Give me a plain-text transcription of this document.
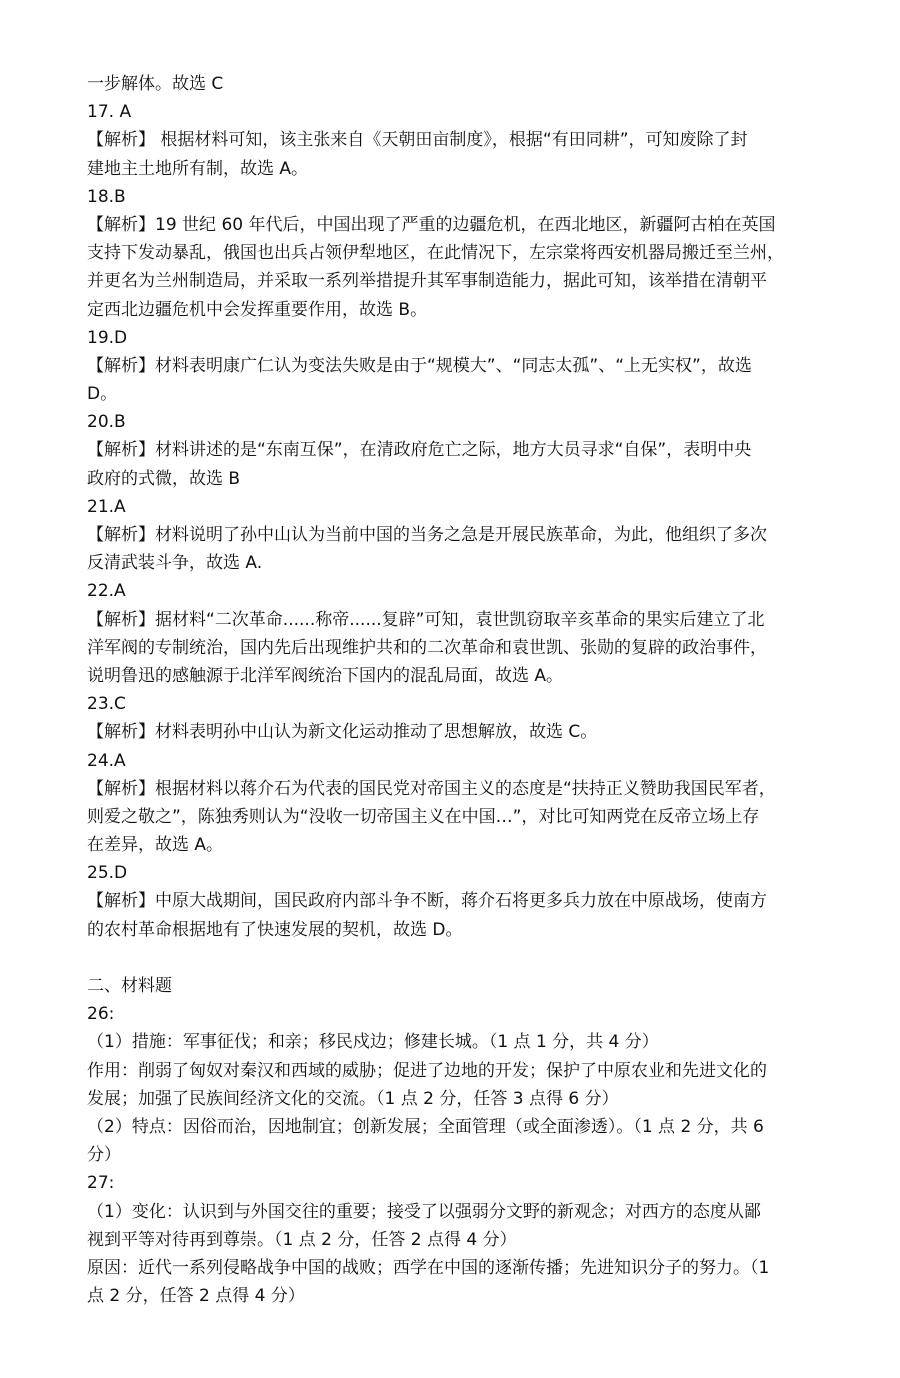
一步解体。故选 C
17. A
【解析】 根据材料可知，该主张来自《天朝田亩制度》，根据“有田同耕”，可知废除了封
建地主土地所有制，故选 A。
18.B
【解析】19 世纪 60 年代后，中国出现了严重的边疆危机，在西北地区，新疆阿古柏在英国
支持下发动暴乱，俄国也出兵占领伊犁地区，在此情况下，左宗棠将西安机器局搬迁至兰州，
并更名为兰州制造局，并采取一系列举措提升其军事制造能力，据此可知，该举措在清朝平
定西北边疆危机中会发挥重要作用，故选 B。
19.D
【解析】材料表明康广仁认为变法失败是由于“规模大”、“同志太孤”、“上无实权”，故选
D。
20.B
【解析】材料讲述的是“东南互保”，在清政府危亡之际，地方大员寻求“自保”，表明中央
政府的式微，故选 B
21.A
【解析】材料说明了孙中山认为当前中国的当务之急是开展民族革命，为此，他组织了多次
反清武装斗争，故选 A.
22.A
【解析】据材料“二次革命......称帝......复辟”可知，袁世凯窃取辛亥革命的果实后建立了北
洋军阀的专制统治，国内先后出现维护共和的二次革命和袁世凯、张勋的复辟的政治事件，
说明鲁迅的感触源于北洋军阀统治下国内的混乱局面，故选 A。
23.C
【解析】材料表明孙中山认为新文化运动推动了思想解放，故选 C。
24.A
【解析】根据材料以蒋介石为代表的国民党对帝国主义的态度是“扶持正义赞助我国民军者，
则爱之敬之”，陈独秀则认为“没收一切帝国主义在中国…”，对比可知两党在反帝立场上存
在差异，故选 A。
25.D
【解析】中原大战期间，国民政府内部斗争不断，蒋介石将更多兵力放在中原战场，使南方
的农村革命根据地有了快速发展的契机，故选 D。
二、材料题
26:
（1）措施：军事征伐；和亲；移民戍边；修建长城。（1 点 1 分，共 4 分）
作用：削弱了匈奴对秦汉和西域的威胁；促进了边地的开发；保护了中原农业和先进文化的
发展；加强了民族间经济文化的交流。（1 点 2 分，任答 3 点得 6 分）
（2）特点：因俗而治，因地制宜；创新发展；全面管理（或全面渗透）。（1 点 2 分，共 6
分）
27:
（1）变化：认识到与外国交往的重要；接受了以强弱分文野的新观念；对西方的态度从鄙
视到平等对待再到尊崇。（1 点 2 分，任答 2 点得 4 分）
原因：近代一系列侵略战争中国的战败；西学在中国的逐渐传播；先进知识分子的努力。（1
点 2 分，任答 2 点得 4 分）
